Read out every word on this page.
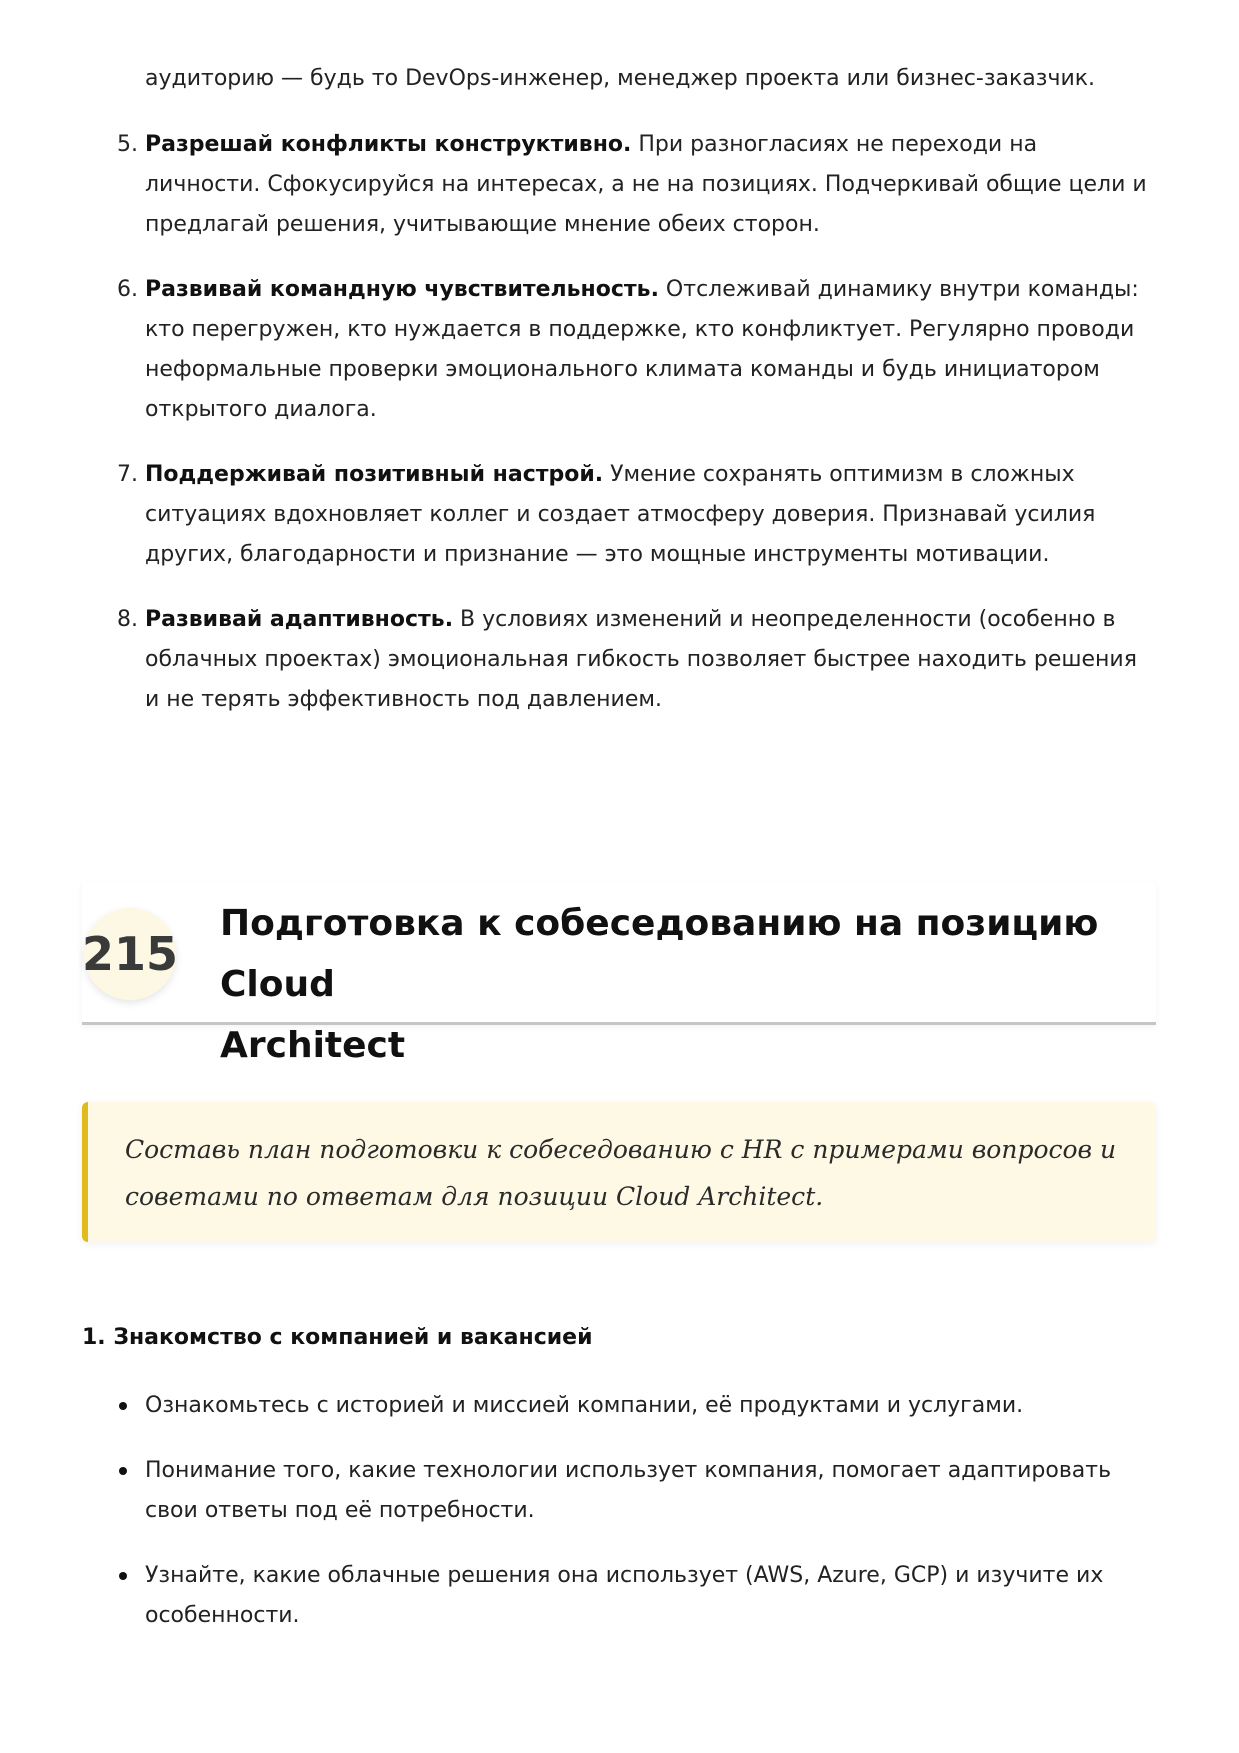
аудиторию — будь то DevOps-инженер, менеджер проекта или бизнес-заказчик.

5. Разрешай конфликты конструктивно. При разногласиях не переходи на личности. Сфокусируйся на интересах, а не на позициях. Подчеркивай общие цели и предлагай решения, учитывающие мнение обеих сторон.
6. Развивай командную чувствительность. Отслеживай динамику внутри команды: кто перегружен, кто нуждается в поддержке, кто конфликтует. Регулярно проводи неформальные проверки эмоционального климата команды и будь инициатором открытого диалога.
7. Поддерживай позитивный настрой. Умение сохранять оптимизм в сложных ситуациях вдохновляет коллег и создает атмосферу доверия. Признавай усилия других, благодарности и признание — это мощные инструменты мотивации.
8. Развивай адаптивность. В условиях изменений и неопределенности (особенно в облачных проектах) эмоциональная гибкость позволяет быстрее находить решения и не терять эффективность под давлением.
215
Подготовка к собеседованию на позицию Cloud
Architect
Составь план подготовки к собеседованию с HR с примерами вопросов и
советами по ответам для позиции Cloud Architect.
1. Знакомство с компанией и вакансией
Ознакомьтесь с историей и миссией компании, её продуктами и услугами.
Понимание того, какие технологии использует компания, помогает адаптировать свои ответы под её потребности.
Узнайте, какие облачные решения она использует (AWS, Azure, GCP) и изучите их особенности.
